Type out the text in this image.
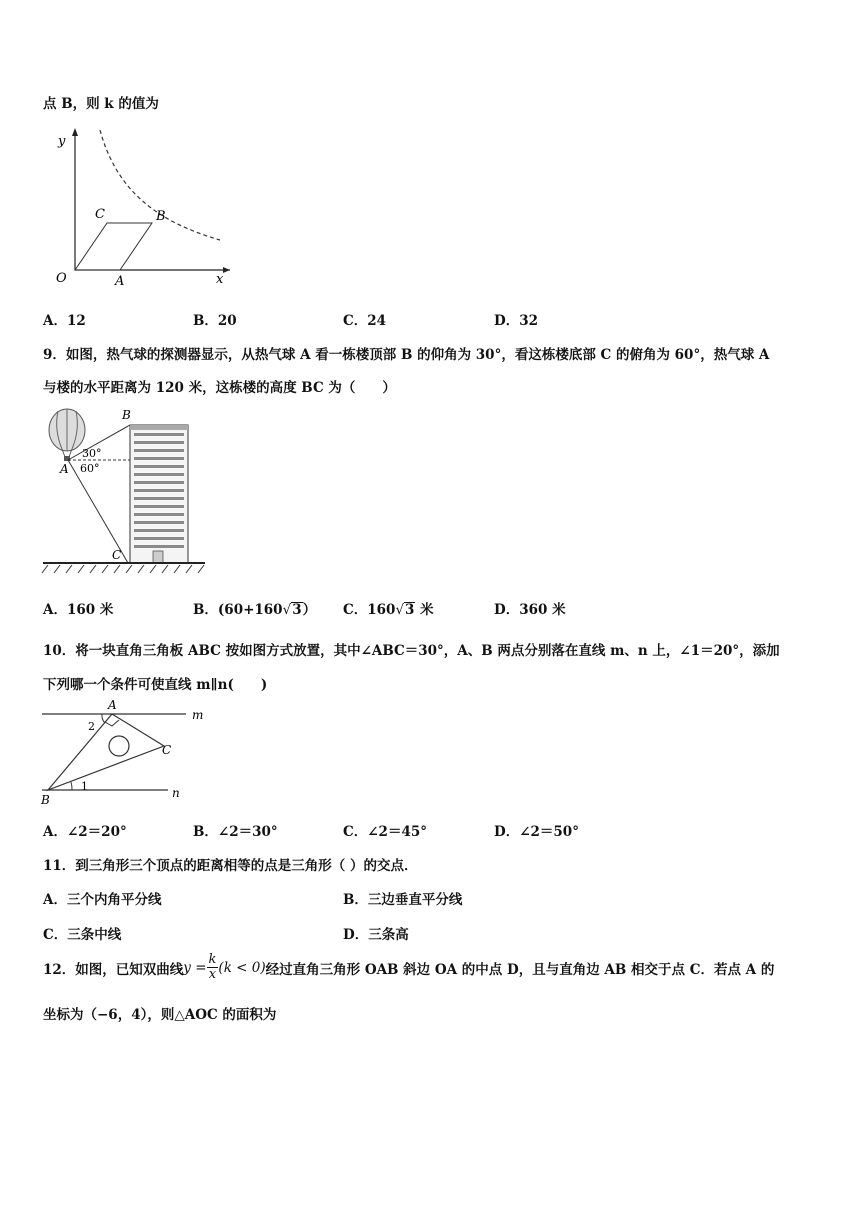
点 B，则 k 的值为
y
x
O	A
B
C
A．12	B．20	C．24	D．32
9．如图，热气球的探测器显示，从热气球 A 看一栋楼顶部 B 的仰角为 30°，看这栋楼底部 C 的俯角为 60°，热气球 A
与楼的水平距离为 120 米，这栋楼的高度 BC 为（　　）
B
A
C
30°
60°
A．160 米	B．(60+160√3） C．160√3 米	D．360 米
10．将一块直角三角板 ABC 按如图方式放置，其中∠ABC＝30°，A、B 两点分别落在直线 m、n 上，∠1＝20°，添加
下列哪一个条件可使直线 m∥n(　　)
A
B
C
m
n
1
2
A．∠2＝20°	B．∠2＝30°	C．∠2＝45°	D．∠2＝50°
11．到三角形三个顶点的距离相等的点是三角形（ ）的交点．
A．三个内角平分线	B．三边垂直平分线
C．三条中线	D．三条高
12．如图，已知双曲线 $y = \frac{k}{x} (k < 0)$ 经过直角三角形 OAB 斜边 OA 的中点 D，且与直角边 AB 相交于点 C．若点 A 的
坐标为（−6，4），则△AOC 的面积为
